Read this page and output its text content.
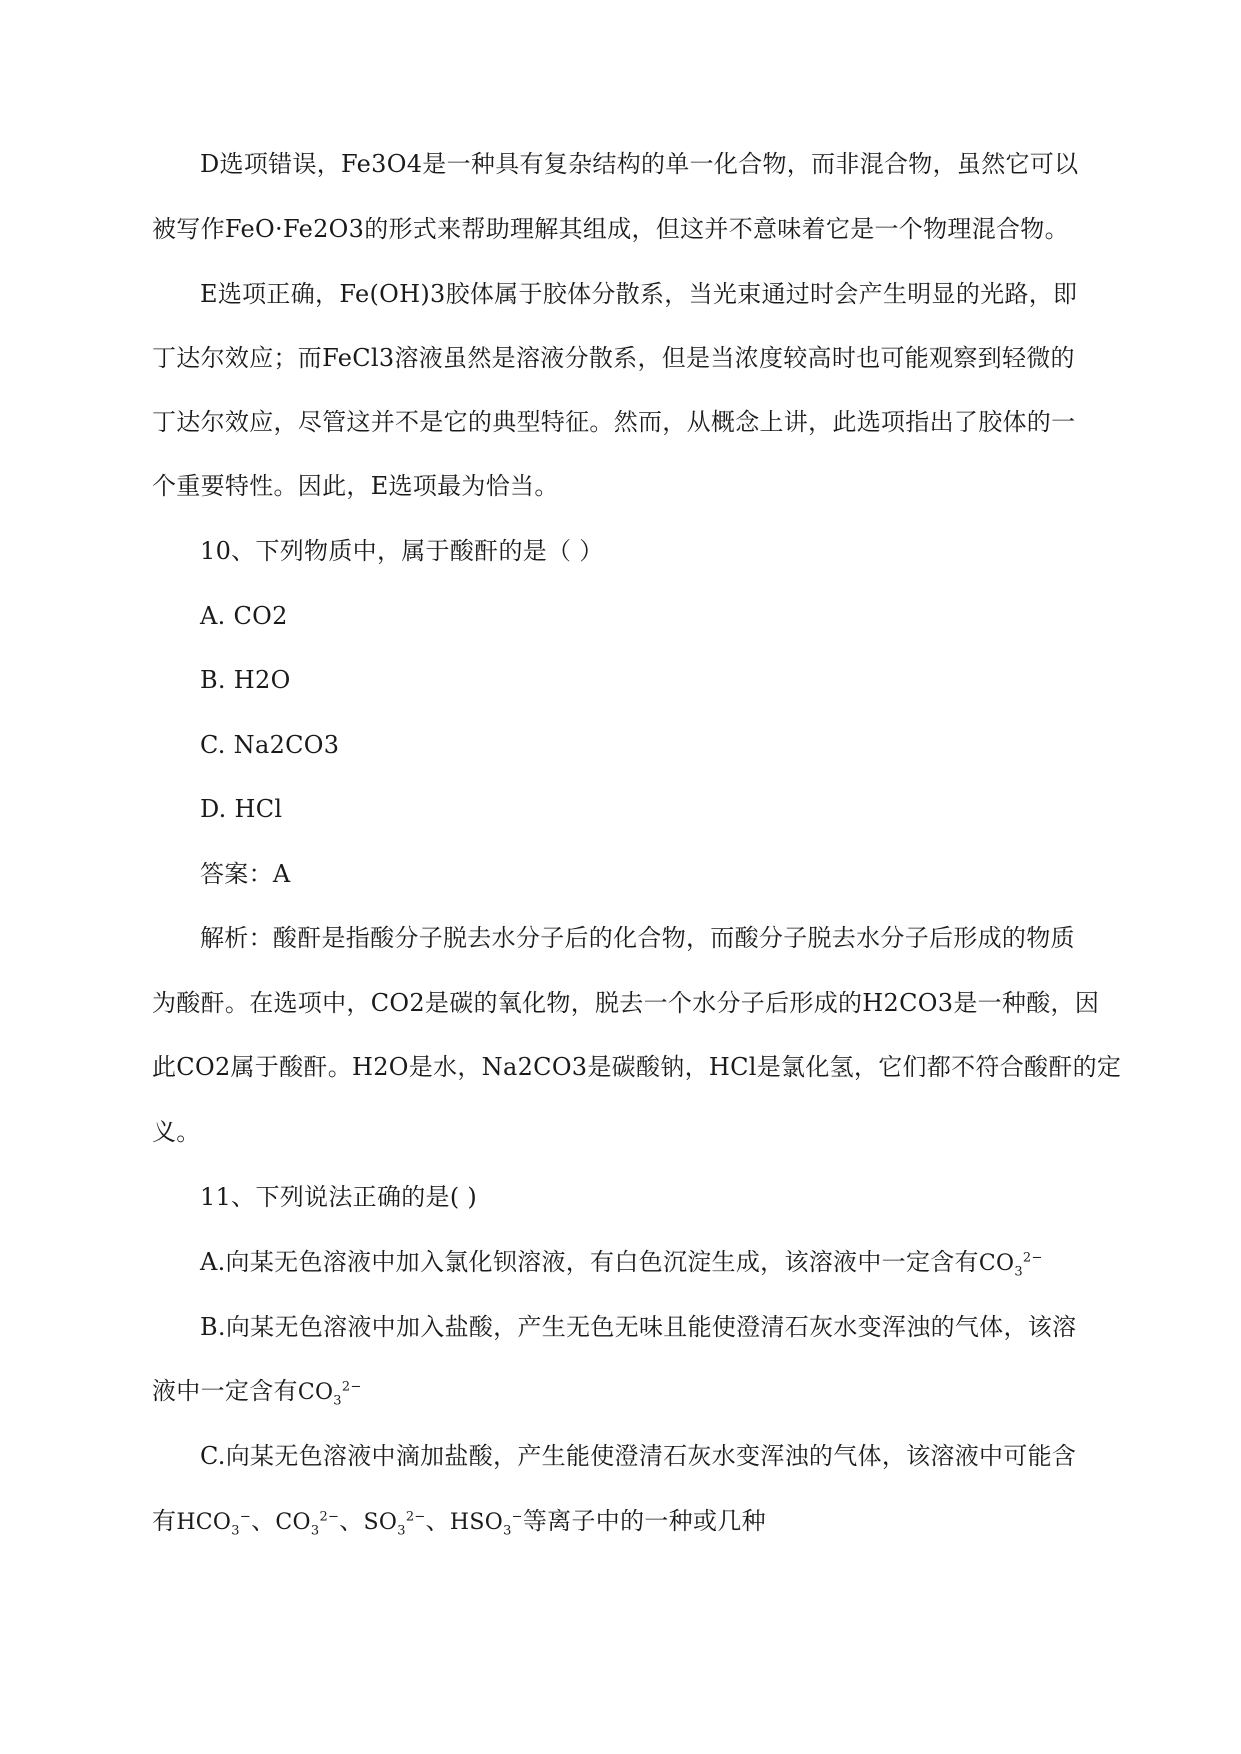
D选项错误，Fe3O4是一种具有复杂结构的单一化合物，而非混合物，虽然它可以
被写作FeO·Fe2O3的形式来帮助理解其组成，但这并不意味着它是一个物理混合物。
E选项正确，Fe(OH)3胶体属于胶体分散系，当光束通过时会产生明显的光路，即
丁达尔效应；而FeCl3溶液虽然是溶液分散系，但是当浓度较高时也可能观察到轻微的
丁达尔效应，尽管这并不是它的典型特征。然而，从概念上讲，此选项指出了胶体的一
个重要特性。因此，E选项最为恰当。
10、下列物质中，属于酸酐的是（ ）
A. CO2
B. H2O
C. Na2CO3
D. HCl
答案：A
解析：酸酐是指酸分子脱去水分子后的化合物，而酸分子脱去水分子后形成的物质
为酸酐。在选项中，CO2是碳的氧化物，脱去一个水分子后形成的H2CO3是一种酸，因
此CO2属于酸酐。H2O是水，Na2CO3是碳酸钠，HCl是氯化氢，它们都不符合酸酐的定
义。
11、下列说法正确的是( )
A.向某无色溶液中加入氯化钡溶液，有白色沉淀生成，该溶液中一定含有$CO_3^{2-}$
B.向某无色溶液中加入盐酸，产生无色无味且能使澄清石灰水变浑浊的气体，该溶
液中一定含有$CO_3^{2-}$
C.向某无色溶液中滴加盐酸，产生能使澄清石灰水变浑浊的气体，该溶液中可能含
有$HCO_3^-$、$CO_3^{2-}$、$SO_3^{2-}$、$HSO_3^-$等离子中的一种或几种
